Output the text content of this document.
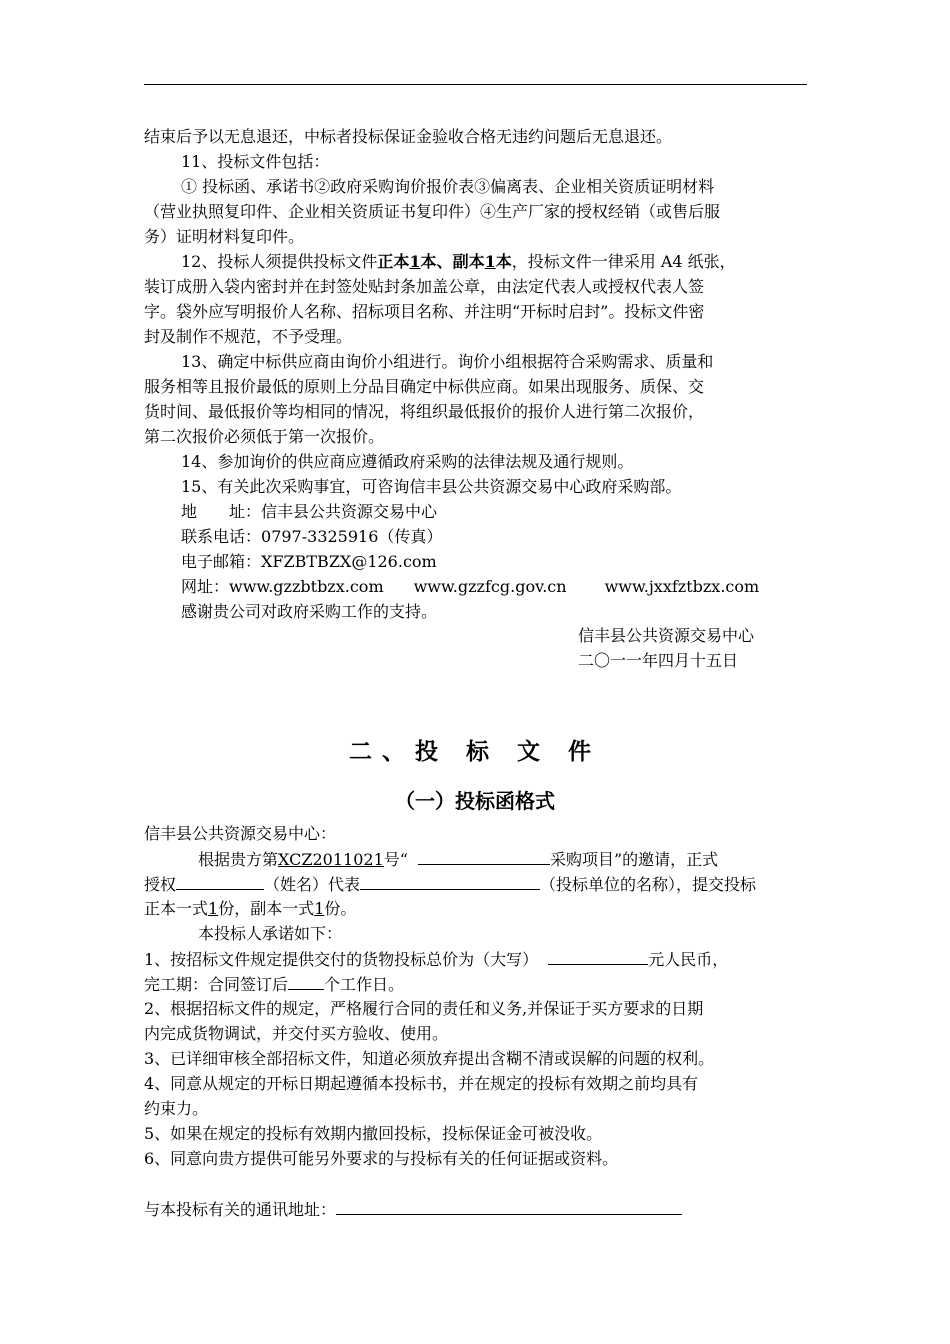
结束后予以无息退还，中标者投标保证金验收合格无违约问题后无息退还。
11、投标文件包括：
① 投标函、承诺书②政府采购询价报价表③偏离表、企业相关资质证明材料
（营业执照复印件、企业相关资质证书复印件）④生产厂家的授权经销（或售后服
务）证明材料复印件。
12、投标人须提供投标文件正本1本、副本1本，投标文件一律采用 A4 纸张，
装订成册入袋内密封并在封签处贴封条加盖公章，由法定代表人或授权代表人签
字。袋外应写明报价人名称、招标项目名称、并注明“开标时启封”。投标文件密
封及制作不规范，不予受理。
13、确定中标供应商由询价小组进行。询价小组根据符合采购需求、质量和
服务相等且报价最低的原则上分品目确定中标供应商。如果出现服务、质保、交
货时间、最低报价等均相同的情况，将组织最低报价的报价人进行第二次报价，
第二次报价必须低于第一次报价。
14、参加询价的供应商应遵循政府采购的法律法规及通行规则。
15、有关此次采购事宜，可咨询信丰县公共资源交易中心政府采购部。
地　　址：信丰县公共资源交易中心
联系电话：0797-3325916（传真）
电子邮箱：XFZBTBZX@126.com
网址：www.gzzbtbzx.com www.gzzfcg.gov.cn www.jxxfztbzx.com
感谢贵公司对政府采购工作的支持。
信丰县公共资源交易中心
二〇一一年四月十五日
二、投 标 文 件
（一）投标函格式
信丰县公共资源交易中心：
根据贵方第XCZ2011021号“	采购项目”的邀请，正式
授权	（姓名）代表	（投标单位的名称），提交投标
正本一式1份，副本一式1份。
本投标人承诺如下：
1、按招标文件规定提供交付的货物投标总价为（大写）	元人民币，
完工期：合同签订后 个工作日。
2、根据招标文件的规定，严格履行合同的责任和义务,并保证于买方要求的日期
内完成货物调试，并交付买方验收、使用。
3、已详细审核全部招标文件，知道必须放弃提出含糊不清或误解的问题的权利。
4、同意从规定的开标日期起遵循本投标书，并在规定的投标有效期之前均具有
约束力。
5、如果在规定的投标有效期内撤回投标，投标保证金可被没收。
6、同意向贵方提供可能另外要求的与投标有关的任何证据或资料。
与本投标有关的通讯地址：
